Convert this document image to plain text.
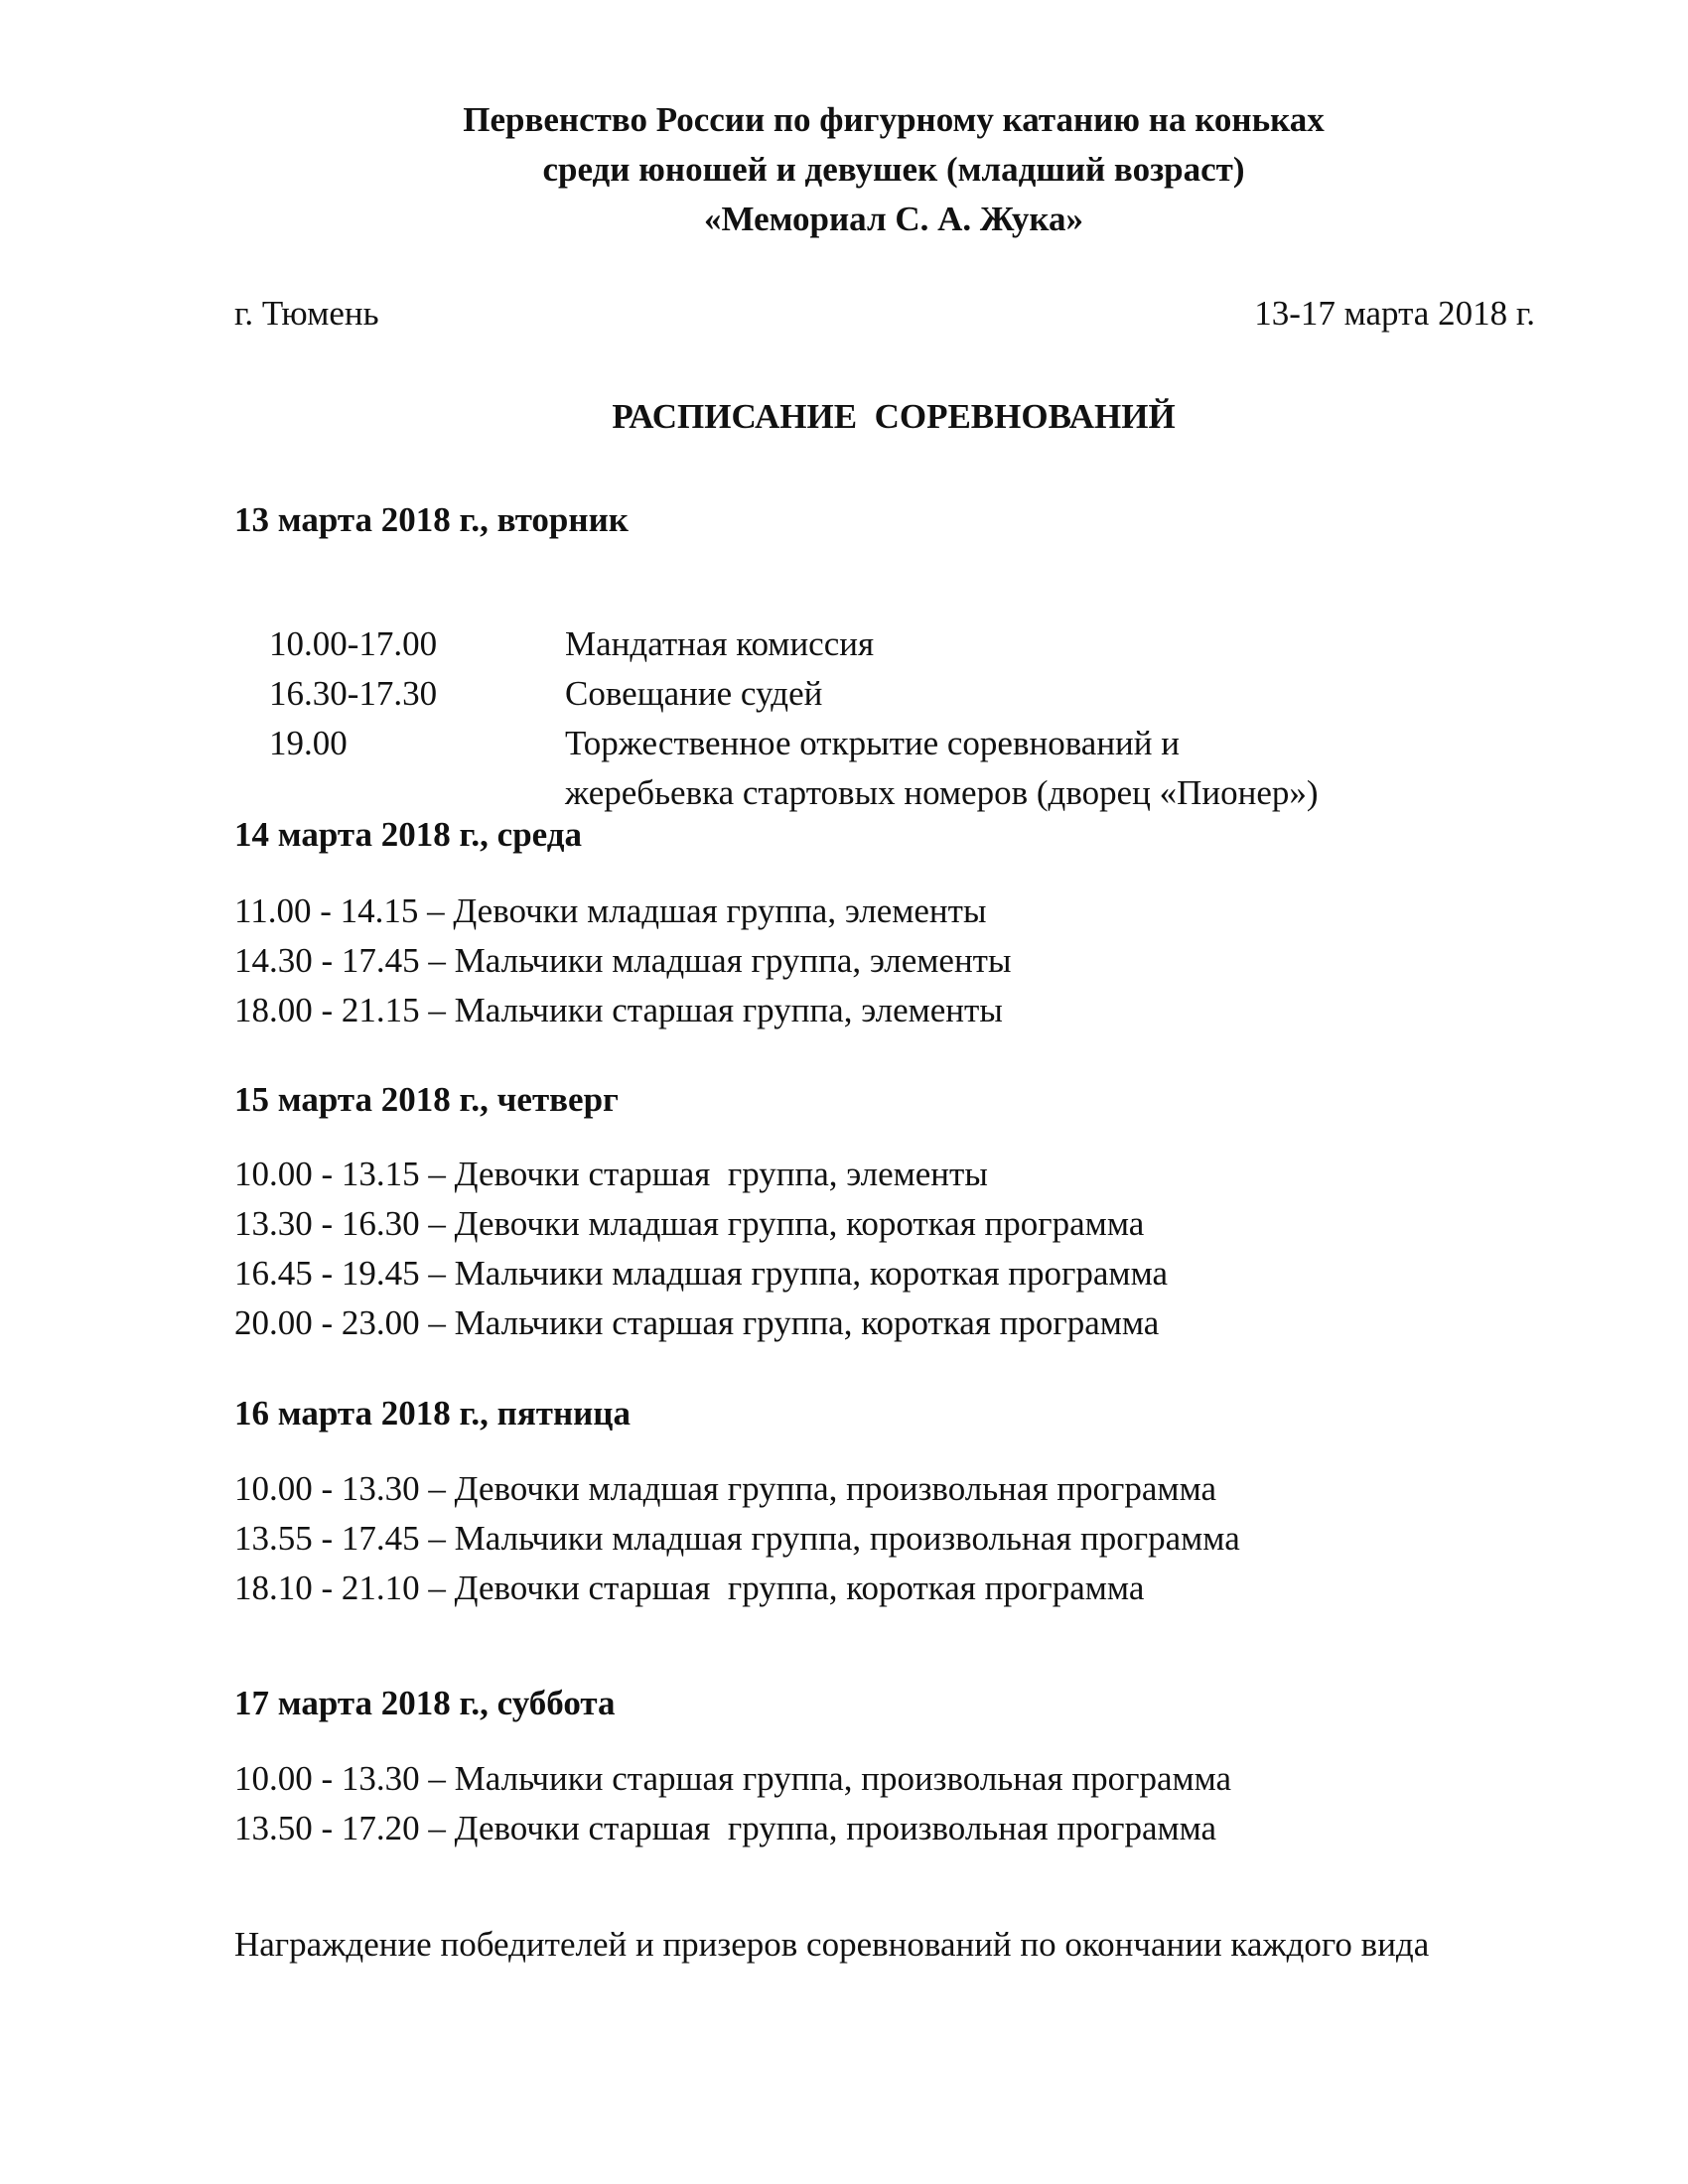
Первенство России по фигурному катанию на коньках
среди юношей и девушек (младший возраст)
«Мемориал С. А. Жука»
г. Тюмень	13-17 марта 2018 г.
РАСПИСАНИЕ  СОРЕВНОВАНИЙ
13 марта 2018 г., вторник

10.00-17.00	Мандатная комиссия

16.30-17.30	Совещание судей

19.00	Торжественное открытие соревнований и

жеребьевка стартовых номеров (дворец «Пионер»)

14 марта 2018 г., среда
11.00 - 14.15 – Девочки младшая группа, элементы
14.30 - 17.45 – Мальчики младшая группа, элементы
18.00 - 21.15 – Мальчики старшая группа, элементы
15 марта 2018 г., четверг
10.00 - 13.15 – Девочки старшая  группа, элементы
13.30 - 16.30 – Девочки младшая группа, короткая программа
16.45 - 19.45 – Мальчики младшая группа, короткая программа
20.00 - 23.00 – Мальчики старшая группа, короткая программа
16 марта 2018 г., пятница
10.00 - 13.30 – Девочки младшая группа, произвольная программа
13.55 - 17.45 – Мальчики младшая группа, произвольная программа
18.10 - 21.10 – Девочки старшая  группа, короткая программа
17 марта 2018 г., суббота
10.00 - 13.30 – Мальчики старшая группа, произвольная программа
13.50 - 17.20 – Девочки старшая  группа, произвольная программа
Награждение победителей и призеров соревнований по окончании каждого вида
